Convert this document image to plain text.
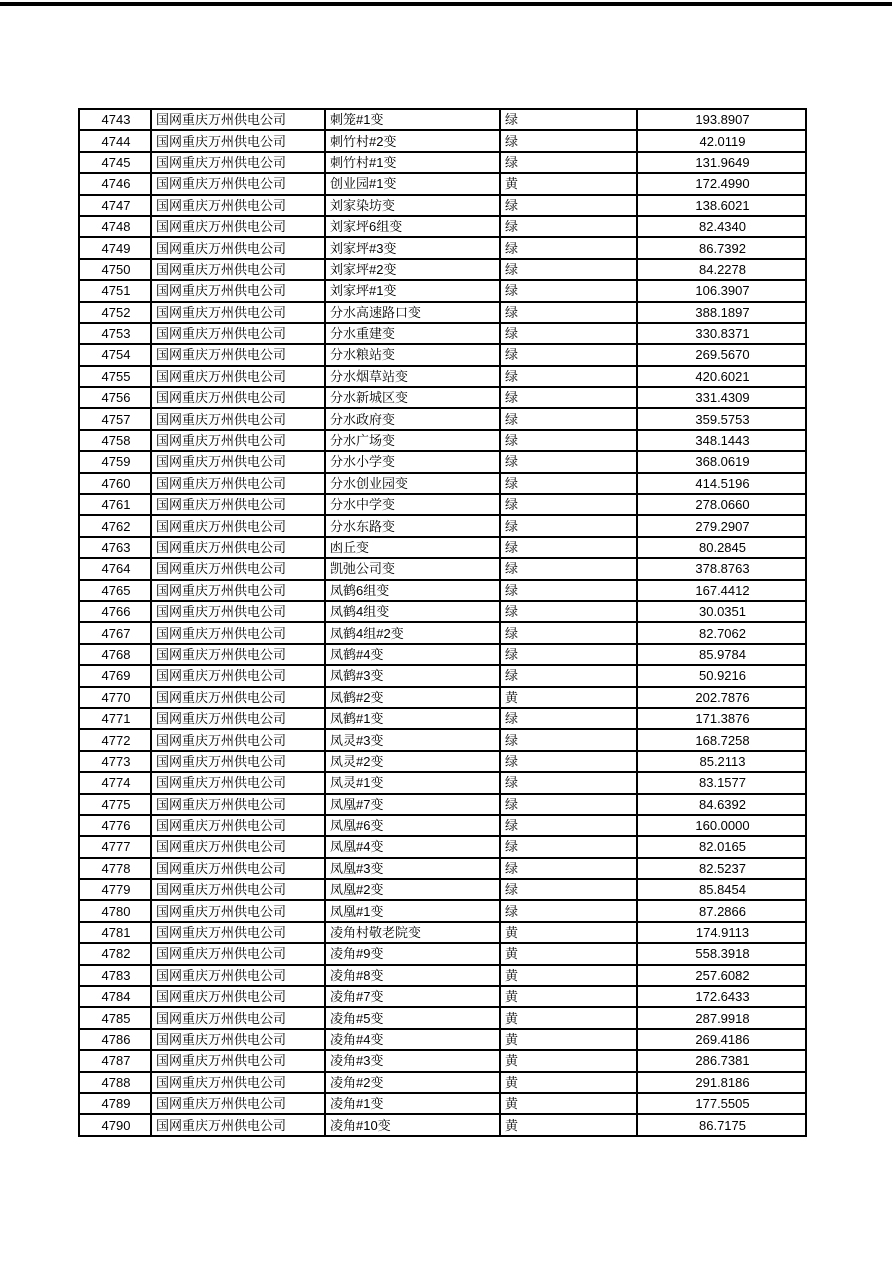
4743	国网重庆万州供电公司	刺笼#1变	绿	193.8907
4744	国网重庆万州供电公司	刺竹村#2变	绿	42.0119
4745	国网重庆万州供电公司	刺竹村#1变	绿	131.9649
4746	国网重庆万州供电公司	创业园#1变	黄	172.4990
4747	国网重庆万州供电公司	刘家染坊变	绿	138.6021
4748	国网重庆万州供电公司	刘家坪6组变	绿	82.4340
4749	国网重庆万州供电公司	刘家坪#3变	绿	86.7392
4750	国网重庆万州供电公司	刘家坪#2变	绿	84.2278
4751	国网重庆万州供电公司	刘家坪#1变	绿	106.3907
4752	国网重庆万州供电公司	分水高速路口变	绿	388.1897
4753	国网重庆万州供电公司	分水重建变	绿	330.8371
4754	国网重庆万州供电公司	分水粮站变	绿	269.5670
4755	国网重庆万州供电公司	分水烟草站变	绿	420.6021
4756	国网重庆万州供电公司	分水新城区变	绿	331.4309
4757	国网重庆万州供电公司	分水政府变	绿	359.5753
4758	国网重庆万州供电公司	分水广场变	绿	348.1443
4759	国网重庆万州供电公司	分水小学变	绿	368.0619
4760	国网重庆万州供电公司	分水创业园变	绿	414.5196
4761	国网重庆万州供电公司	分水中学变	绿	278.0660
4762	国网重庆万州供电公司	分水东路变	绿	279.2907
4763	国网重庆万州供电公司	凼丘变	绿	80.2845
4764	国网重庆万州供电公司	凯弛公司变	绿	378.8763
4765	国网重庆万州供电公司	凤鹤6组变	绿	167.4412
4766	国网重庆万州供电公司	凤鹤4组变	绿	30.0351
4767	国网重庆万州供电公司	凤鹤4组#2变	绿	82.7062
4768	国网重庆万州供电公司	凤鹤#4变	绿	85.9784
4769	国网重庆万州供电公司	凤鹤#3变	绿	50.9216
4770	国网重庆万州供电公司	凤鹤#2变	黄	202.7876
4771	国网重庆万州供电公司	凤鹤#1变	绿	171.3876
4772	国网重庆万州供电公司	凤灵#3变	绿	168.7258
4773	国网重庆万州供电公司	凤灵#2变	绿	85.2113
4774	国网重庆万州供电公司	凤灵#1变	绿	83.1577
4775	国网重庆万州供电公司	凤凰#7变	绿	84.6392
4776	国网重庆万州供电公司	凤凰#6变	绿	160.0000
4777	国网重庆万州供电公司	凤凰#4变	绿	82.0165
4778	国网重庆万州供电公司	凤凰#3变	绿	82.5237
4779	国网重庆万州供电公司	凤凰#2变	绿	85.8454
4780	国网重庆万州供电公司	凤凰#1变	绿	87.2866
4781	国网重庆万州供电公司	凌角村敬老院变	黄	174.9113
4782	国网重庆万州供电公司	凌角#9变	黄	558.3918
4783	国网重庆万州供电公司	凌角#8变	黄	257.6082
4784	国网重庆万州供电公司	凌角#7变	黄	172.6433
4785	国网重庆万州供电公司	凌角#5变	黄	287.9918
4786	国网重庆万州供电公司	凌角#4变	黄	269.4186
4787	国网重庆万州供电公司	凌角#3变	黄	286.7381
4788	国网重庆万州供电公司	凌角#2变	黄	291.8186
4789	国网重庆万州供电公司	凌角#1变	黄	177.5505
4790	国网重庆万州供电公司	凌角#10变	黄	86.7175
